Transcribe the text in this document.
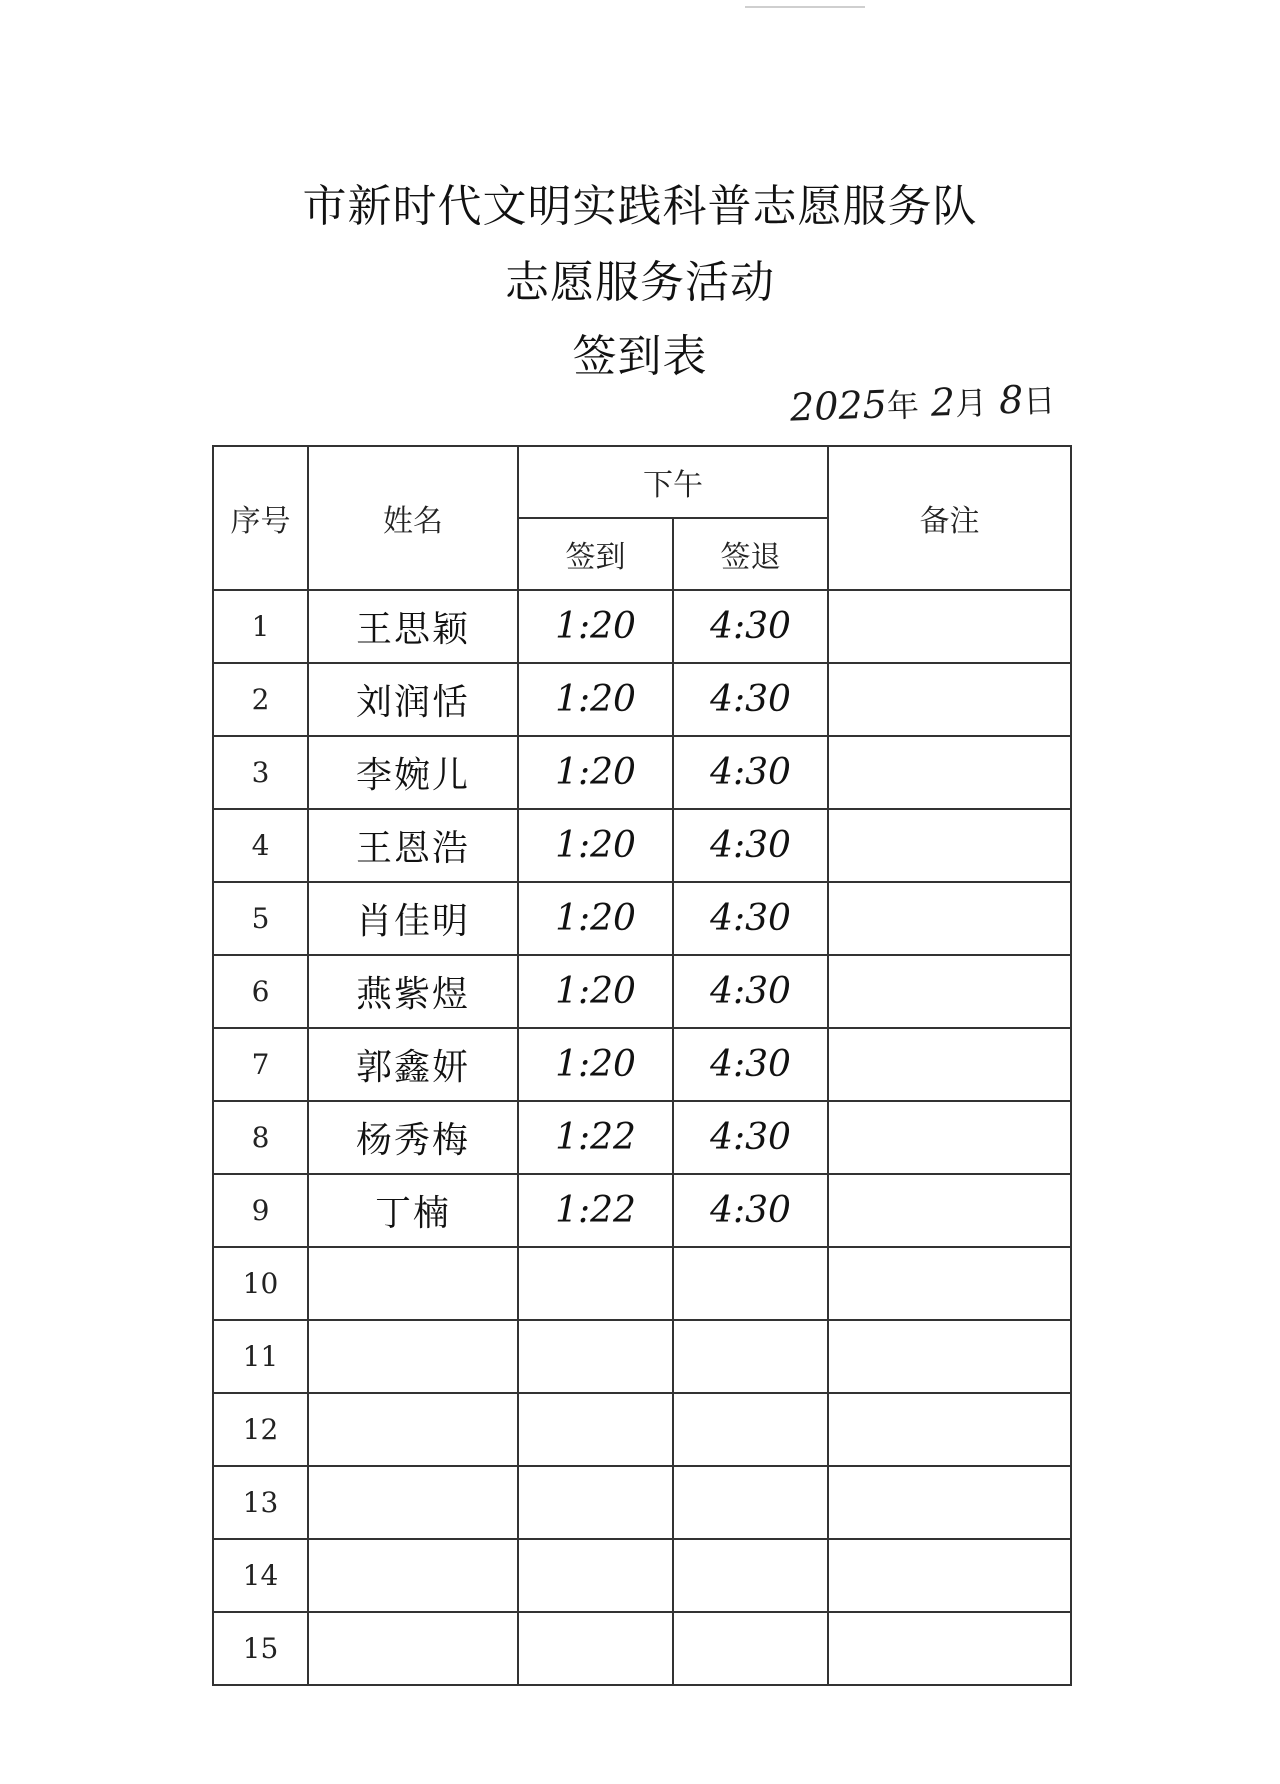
市新时代文明实践科普志愿服务队
志愿服务活动
签到表
2025年 2月 8日
序号	姓名	下午		备注
		签到	签退	
1	王思颖	1:20	4:30	
2	刘润恬	1:20	4:30	
3	李婉儿	1:20	4:30	
4	王恩浩	1:20	4:30	
5	肖佳明	1:20	4:30	
6	燕紫煜	1:20	4:30	
7	郭鑫妍	1:20	4:30	
8	杨秀梅	1:22	4:30	
9	丁楠	1:22	4:30	
10				
11				
12				
13				
14				
15				
